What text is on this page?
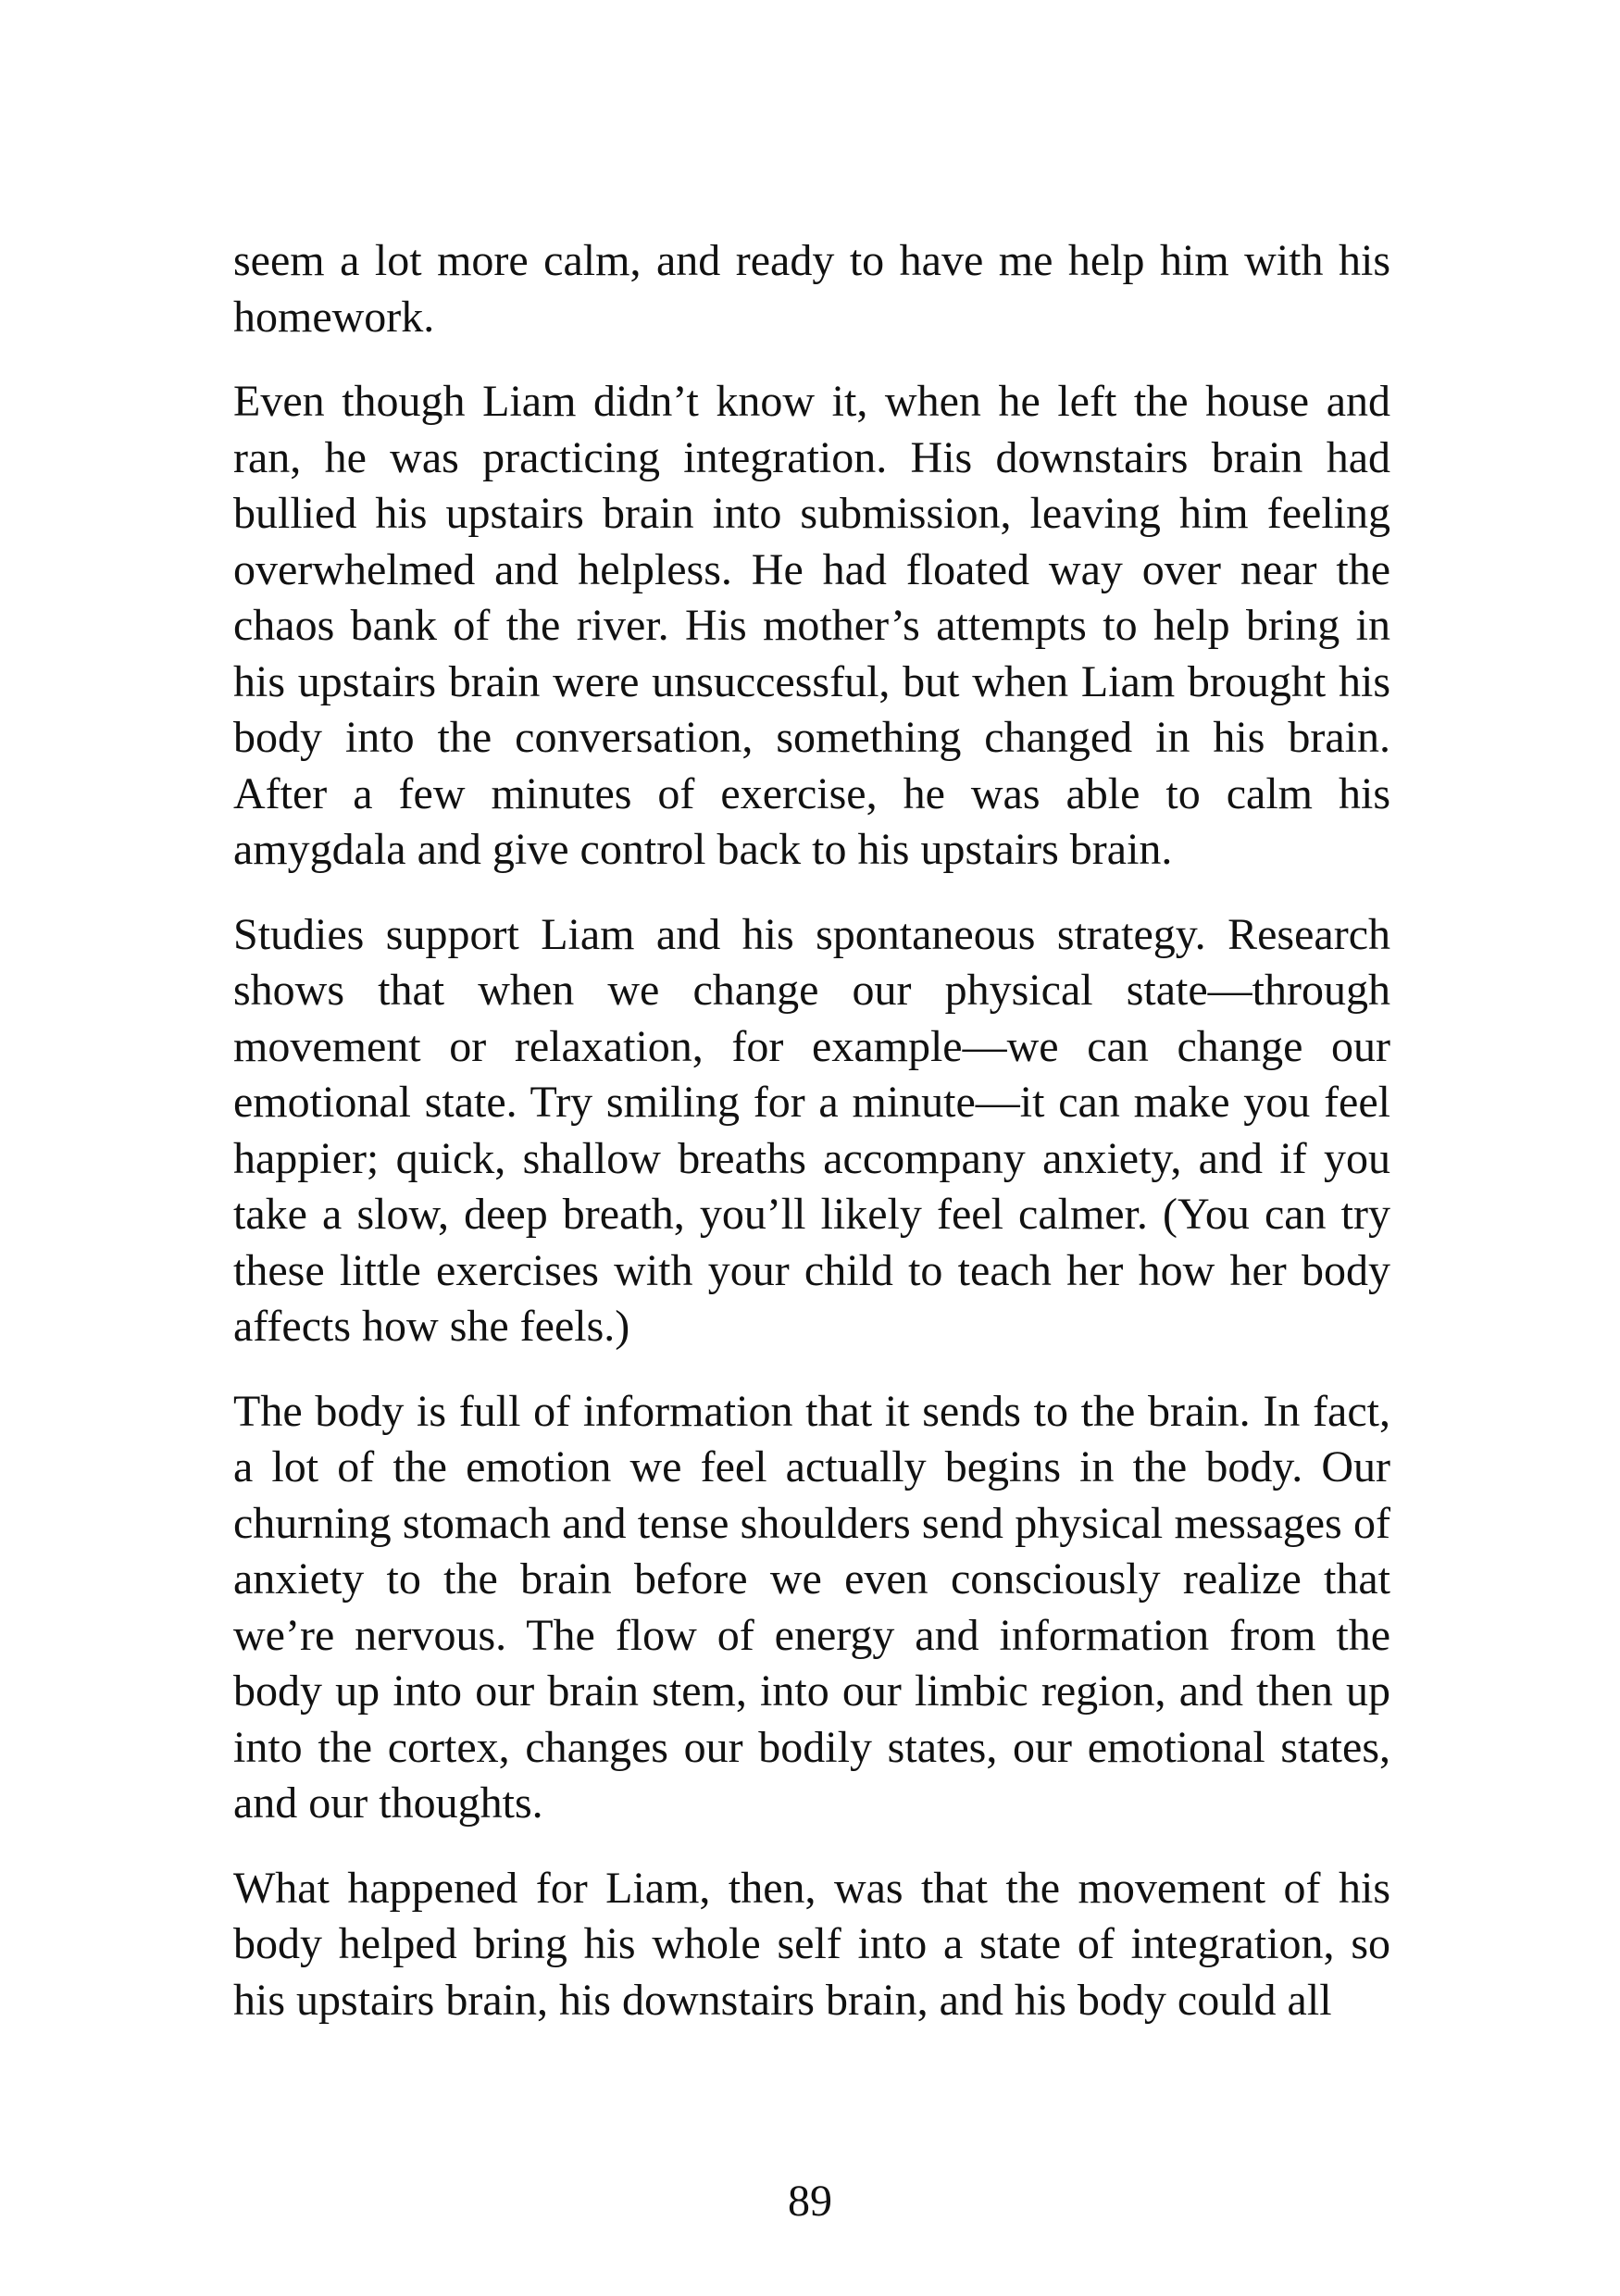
seem a lot more calm, and ready to have me help him with his homework.

Even though Liam didn’t know it, when he left the house and ran, he was practicing integration. His downstairs brain had bullied his upstairs brain into submission, leaving him feeling overwhelmed and helpless. He had floated way over near the chaos bank of the river. His mother’s attempts to help bring in his upstairs brain were unsuccessful, but when Liam brought his body into the conversation, something changed in his brain. After a few minutes of exercise, he was able to calm his amygdala and give control back to his upstairs brain.

Studies support Liam and his spontaneous strategy. Research shows that when we change our physical state—through movement or relaxation, for example—we can change our emotional state. Try smiling for a minute—it can make you feel happier; quick, shallow breaths accompany anxiety, and if you take a slow, deep breath, you’ll likely feel calmer. (You can try these little exercises with your child to teach her how her body affects how she feels.)

The body is full of information that it sends to the brain. In fact, a lot of the emotion we feel actually begins in the body. Our churning stomach and tense shoulders send physical messages of anxiety to the brain before we even consciously realize that we’re nervous. The flow of energy and information from the body up into our brain stem, into our limbic region, and then up into the cortex, changes our bodily states, our emotional states, and our thoughts.

What happened for Liam, then, was that the movement of his body helped bring his whole self into a state of integration, so his upstairs brain, his downstairs brain, and his body could all

89
